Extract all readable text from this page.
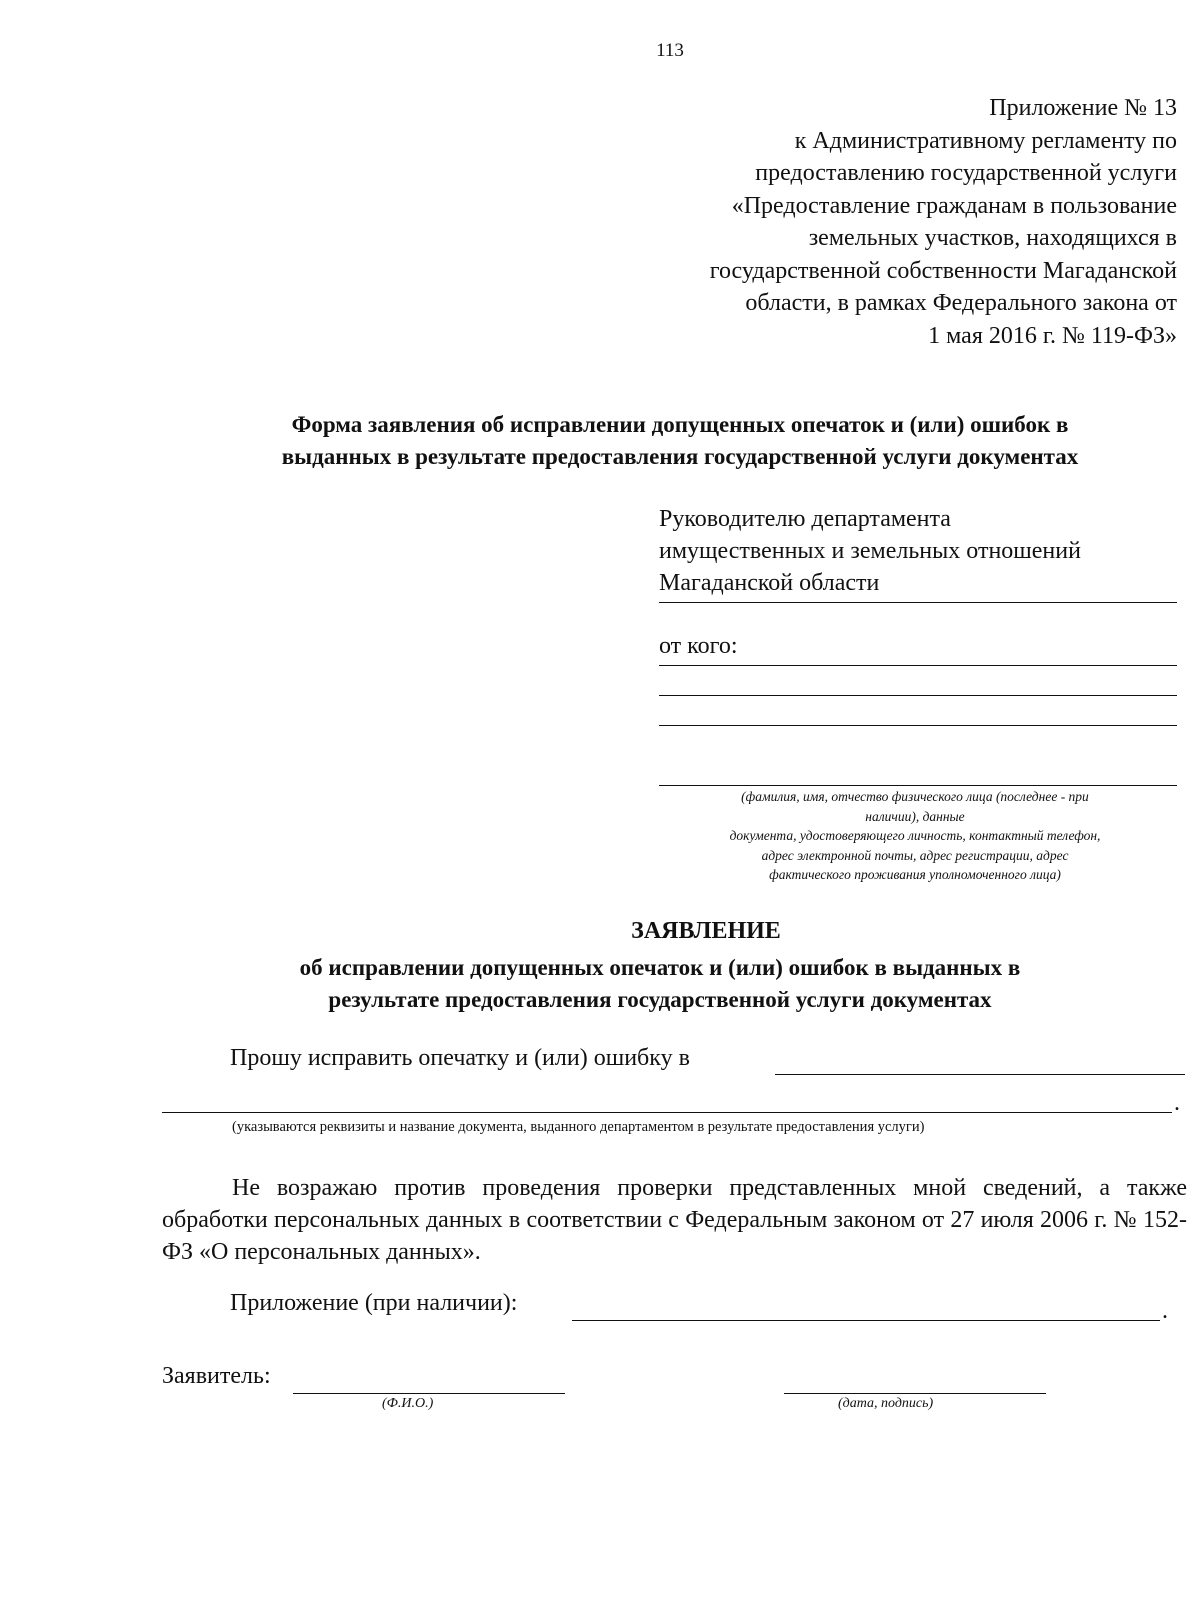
113
Приложение № 13
к Административному регламенту по
предоставлению государственной услуги
«Предоставление гражданам в пользование
земельных участков, находящихся в
государственной собственности Магаданской
области, в рамках Федерального закона от
1 мая 2016 г. № 119-ФЗ»
Форма заявления об исправлении допущенных опечаток и (или) ошибок в
выданных в результате предоставления государственной услуги документах
Руководителю департамента
имущественных и земельных отношений
Магаданской области
от кого:
(фамилия, имя, отчество физического лица (последнее - при
наличии), данные
документа, удостоверяющего личность, контактный телефон,
адрес электронной почты, адрес регистрации, адрес
фактического проживания уполномоченного лица)
ЗАЯВЛЕНИЕ
об исправлении допущенных опечаток и (или) ошибок в выданных в
результате предоставления государственной услуги документах
Прошу исправить опечатку и (или) ошибку в
.
(указываются реквизиты и название документа, выданного департаментом в результате предоставления услуги)
Не возражаю против проведения проверки представленных мной сведений, а также обработки персональных данных в соответствии с Федеральным законом от 27 июля 2006 г. № 152-ФЗ «О персональных данных».
Приложение (при наличии):	.
Заявитель:
(Ф.И.О.)	(дата, подпись)
